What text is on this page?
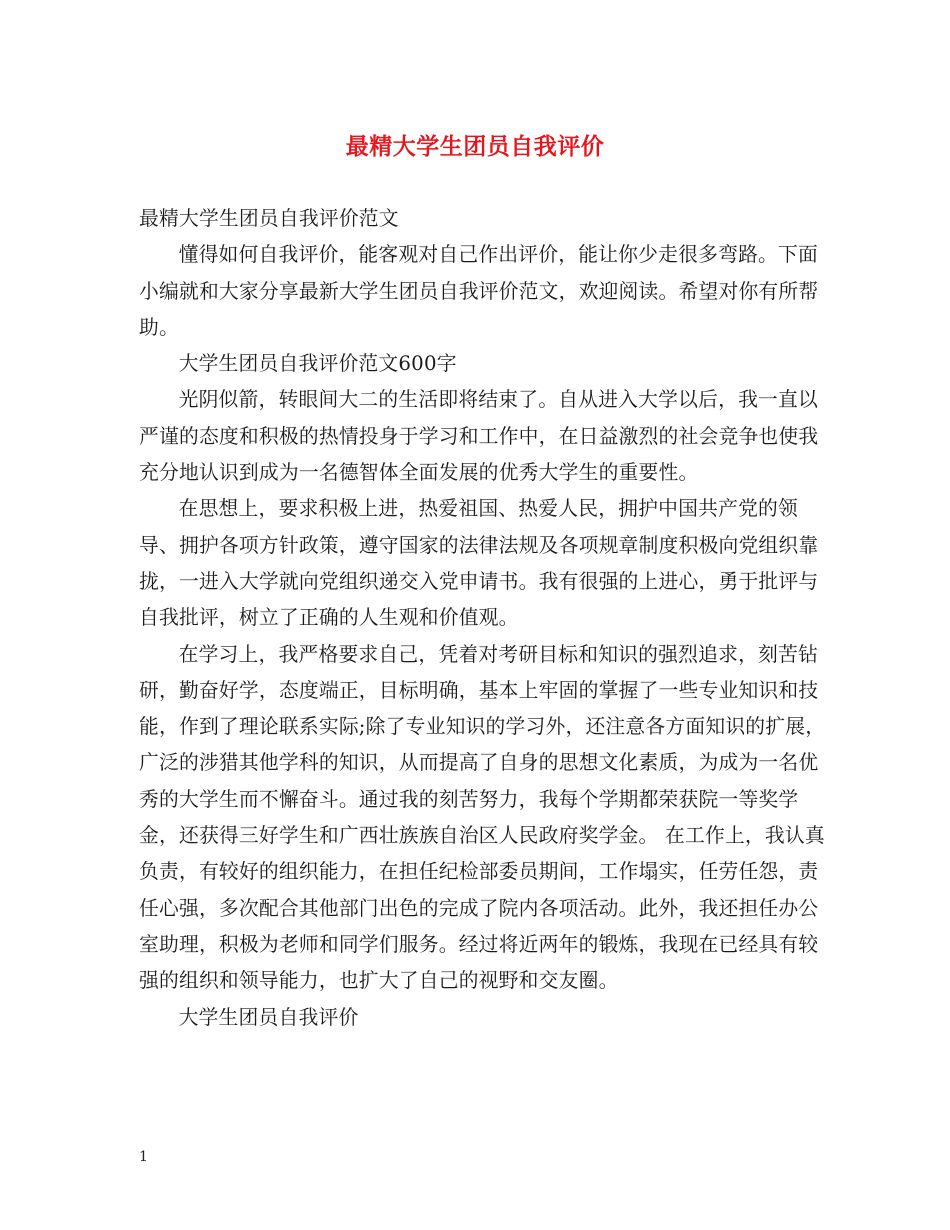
最精大学生团员自我评价

最精大学生团员自我评价范文

懂得如何自我评价，能客观对自己作出评价，能让你少走很多弯路。下面小编就和大家分享最新大学生团员自我评价范文，欢迎阅读。希望对你有所帮助。

大学生团员自我评价范文600字

光阴似箭，转眼间大二的生活即将结束了。自从进入大学以后，我一直以严谨的态度和积极的热情投身于学习和工作中，在日益激烈的社会竞争也使我充分地认识到成为一名德智体全面发展的优秀大学生的重要性。

在思想上，要求积极上进，热爱祖国、热爱人民，拥护中国共产党的领导、拥护各项方针政策，遵守国家的法律法规及各项规章制度积极向党组织靠拢，一进入大学就向党组织递交入党申请书。我有很强的上进心，勇于批评与自我批评，树立了正确的人生观和价值观。

在学习上，我严格要求自己，凭着对考研目标和知识的强烈追求，刻苦钻研，勤奋好学，态度端正，目标明确，基本上牢固的掌握了一些专业知识和技能，作到了理论联系实际;除了专业知识的学习外，还注意各方面知识的扩展，广泛的涉猎其他学科的知识，从而提高了自身的思想文化素质，为成为一名优秀的大学生而不懈奋斗。通过我的刻苦努力，我每个学期都荣获院一等奖学金，还获得三好学生和广西壮族族自治区人民政府奖学金。 在工作上，我认真负责，有较好的组织能力，在担任纪检部委员期间，工作塌实，任劳任怨，责任心强，多次配合其他部门出色的完成了院内各项活动。此外，我还担任办公室助理，积极为老师和同学们服务。经过将近两年的锻炼，我现在已经具有较强的组织和领导能力，也扩大了自己的视野和交友圈。

大学生团员自我评价

1
